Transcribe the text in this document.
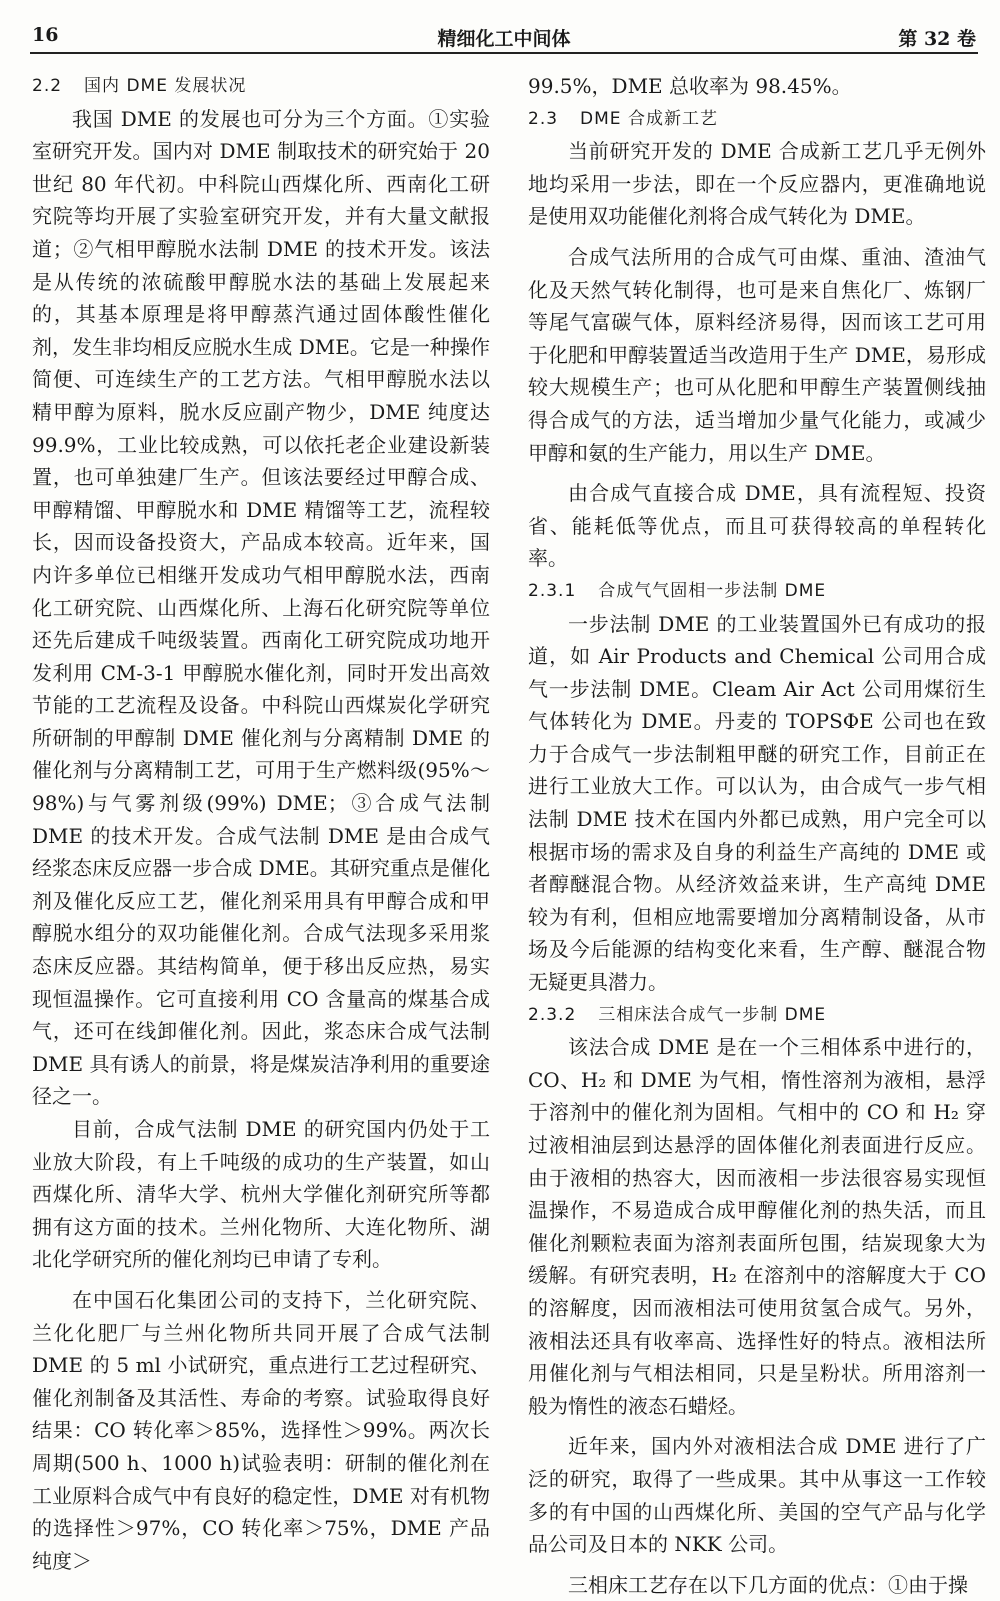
16	精细化工中间体	第 32 卷

2.2 国内 DME 发展状况

我国 DME 的发展也可分为三个方面。①实验室研究开发。国内对 DME 制取技术的研究始于 20 世纪 80 年代初。中科院山西煤化所、西南化工研究院等均开展了实验室研究开发，并有大量文献报道；②气相甲醇脱水法制 DME 的技术开发。该法是从传统的浓硫酸甲醇脱水法的基础上发展起来的，其基本原理是将甲醇蒸汽通过固体酸性催化剂，发生非均相反应脱水生成 DME。它是一种操作简便、可连续生产的工艺方法。气相甲醇脱水法以精甲醇为原料，脱水反应副产物少，DME 纯度达 99.9%，工业比较成熟，可以依托老企业建设新装置，也可单独建厂生产。但该法要经过甲醇合成、甲醇精馏、甲醇脱水和 DME 精馏等工艺，流程较长，因而设备投资大，产品成本较高。近年来，国内许多单位已相继开发成功气相甲醇脱水法，西南化工研究院、山西煤化所、上海石化研究院等单位还先后建成千吨级装置。西南化工研究院成功地开发利用 CM-3-1 甲醇脱水催化剂，同时开发出高效节能的工艺流程及设备。中科院山西煤炭化学研究所研制的甲醇制 DME 催化剂与分离精制 DME 的催化剂与分离精制工艺，可用于生产燃料级(95%～98%)与气雾剂级(99%) DME；③合成气法制 DME 的技术开发。合成气法制 DME 是由合成气经浆态床反应器一步合成 DME。其研究重点是催化剂及催化反应工艺，催化剂采用具有甲醇合成和甲醇脱水组分的双功能催化剂。合成气法现多采用浆态床反应器。其结构简单，便于移出反应热，易实现恒温操作。它可直接利用 CO 含量高的煤基合成气，还可在线卸催化剂。因此，浆态床合成气法制 DME 具有诱人的前景，将是煤炭洁净利用的重要途径之一。

目前，合成气法制 DME 的研究国内仍处于工业放大阶段，有上千吨级的成功的生产装置，如山西煤化所、清华大学、杭州大学催化剂研究所等都拥有这方面的技术。兰州化物所、大连化物所、湖北化学研究所的催化剂均已申请了专利。

在中国石化集团公司的支持下，兰化研究院、兰化化肥厂与兰州化物所共同开展了合成气法制 DME 的 5 ml 小试研究，重点进行工艺过程研究、催化剂制备及其活性、寿命的考察。试验取得良好结果：CO 转化率＞85%，选择性＞99%。两次长周期(500 h、1000 h)试验表明：研制的催化剂在工业原料合成气中有良好的稳定性，DME 对有机物的选择性＞97%，CO 转化率＞75%，DME 产品纯度＞

99.5%，DME 总收率为 98.45%。

2.3 DME 合成新工艺

当前研究开发的 DME 合成新工艺几乎无例外地均采用一步法，即在一个反应器内，更准确地说是使用双功能催化剂将合成气转化为 DME。

合成气法所用的合成气可由煤、重油、渣油气化及天然气转化制得，也可是来自焦化厂、炼钢厂等尾气富碳气体，原料经济易得，因而该工艺可用于化肥和甲醇装置适当改造用于生产 DME，易形成较大规模生产；也可从化肥和甲醇生产装置侧线抽得合成气的方法，适当增加少量气化能力，或减少甲醇和氨的生产能力，用以生产 DME。

由合成气直接合成 DME，具有流程短、投资省、能耗低等优点，而且可获得较高的单程转化率。

2.3.1 合成气气固相一步法制 DME

一步法制 DME 的工业装置国外已有成功的报道，如 Air Products and Chemical 公司用合成气一步法制 DME。Cleam Air Act 公司用煤衍生气体转化为 DME。丹麦的 TOPSΦE 公司也在致力于合成气一步法制粗甲醚的研究工作，目前正在进行工业放大工作。可以认为，由合成气一步气相法制 DME 技术在国内外都已成熟，用户完全可以根据市场的需求及自身的利益生产高纯的 DME 或者醇醚混合物。从经济效益来讲，生产高纯 DME 较为有利，但相应地需要增加分离精制设备，从市场及今后能源的结构变化来看，生产醇、醚混合物无疑更具潜力。

2.3.2 三相床法合成气一步制 DME

该法合成 DME 是在一个三相体系中进行的，CO、H₂ 和 DME 为气相，惰性溶剂为液相，悬浮于溶剂中的催化剂为固相。气相中的 CO 和 H₂ 穿过液相油层到达悬浮的固体催化剂表面进行反应。由于液相的热容大，因而液相一步法很容易实现恒温操作，不易造成合成甲醇催化剂的热失活，而且催化剂颗粒表面为溶剂表面所包围，结炭现象大为缓解。有研究表明，H₂ 在溶剂中的溶解度大于 CO 的溶解度，因而液相法可使用贫氢合成气。另外，液相法还具有收率高、选择性好的特点。液相法所用催化剂与气相法相同，只是呈粉状。所用溶剂一般为惰性的液态石蜡烃。

近年来，国内外对液相法合成 DME 进行了广泛的研究，取得了一些成果。其中从事这一工作较多的有中国的山西煤化所、美国的空气产品与化学品公司及日本的 NKK 公司。

三相床工艺存在以下几方面的优点：①由于操
